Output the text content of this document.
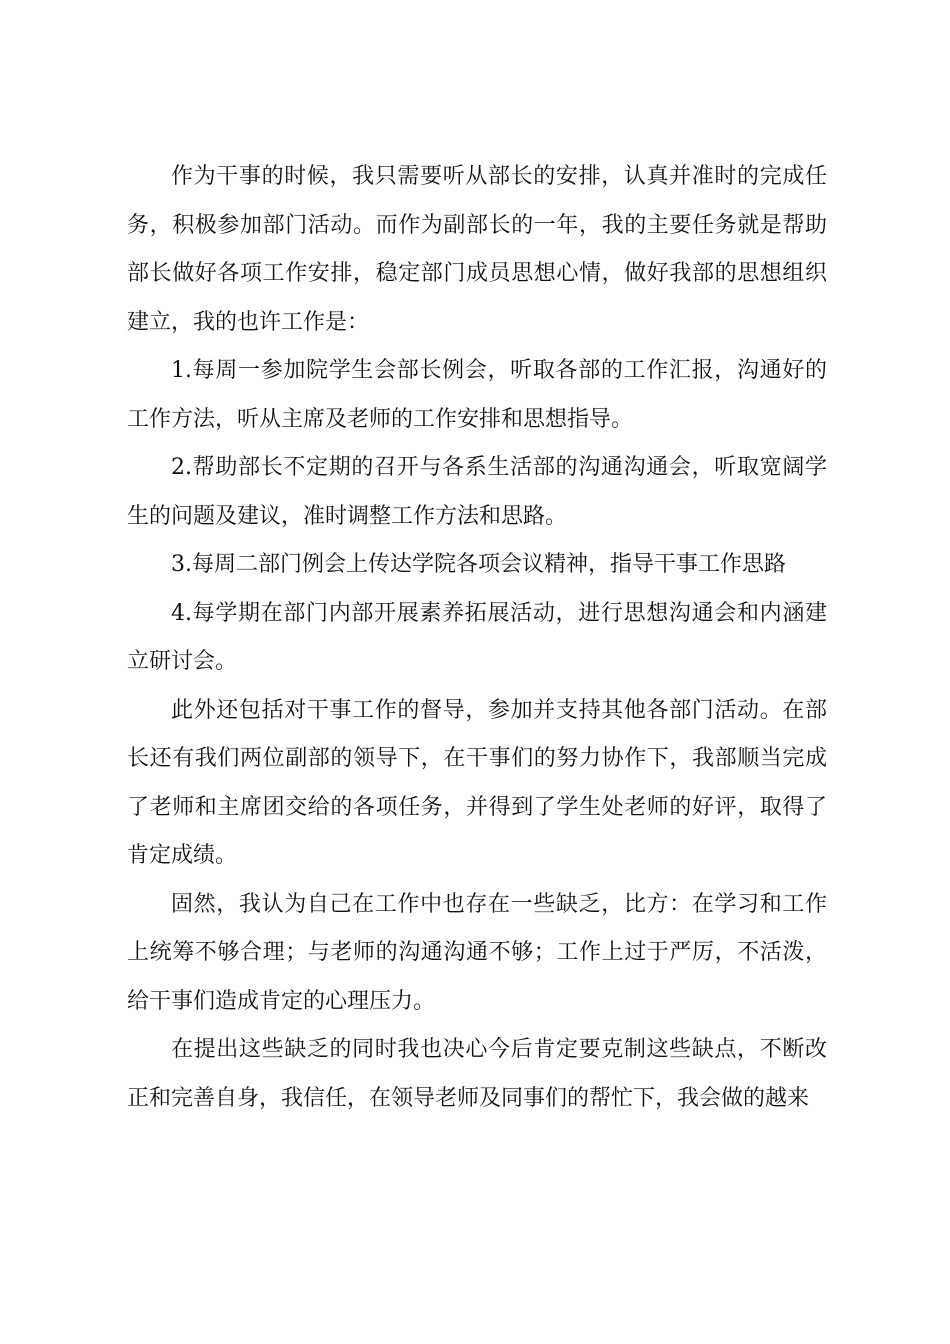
作为干事的时候，我只需要听从部长的安排，认真并准时的完成任务，积极参加部门活动。而作为副部长的一年，我的主要任务就是帮助部长做好各项工作安排，稳定部门成员思想心情，做好我部的思想组织建立，我的也许工作是：

1.每周一参加院学生会部长例会，听取各部的工作汇报，沟通好的工作方法，听从主席及老师的工作安排和思想指导。

2.帮助部长不定期的召开与各系生活部的沟通沟通会，听取宽阔学生的问题及建议，准时调整工作方法和思路。

3.每周二部门例会上传达学院各项会议精神，指导干事工作思路

4.每学期在部门内部开展素养拓展活动，进行思想沟通会和内涵建立研讨会。

此外还包括对干事工作的督导，参加并支持其他各部门活动。在部长还有我们两位副部的领导下，在干事们的努力协作下，我部顺当完成了老师和主席团交给的各项任务，并得到了学生处老师的好评，取得了肯定成绩。

固然，我认为自己在工作中也存在一些缺乏，比方：在学习和工作上统筹不够合理；与老师的沟通沟通不够；工作上过于严厉，不活泼，给干事们造成肯定的心理压力。

在提出这些缺乏的同时我也决心今后肯定要克制这些缺点，不断改正和完善自身，我信任，在领导老师及同事们的帮忙下，我会做的越来
